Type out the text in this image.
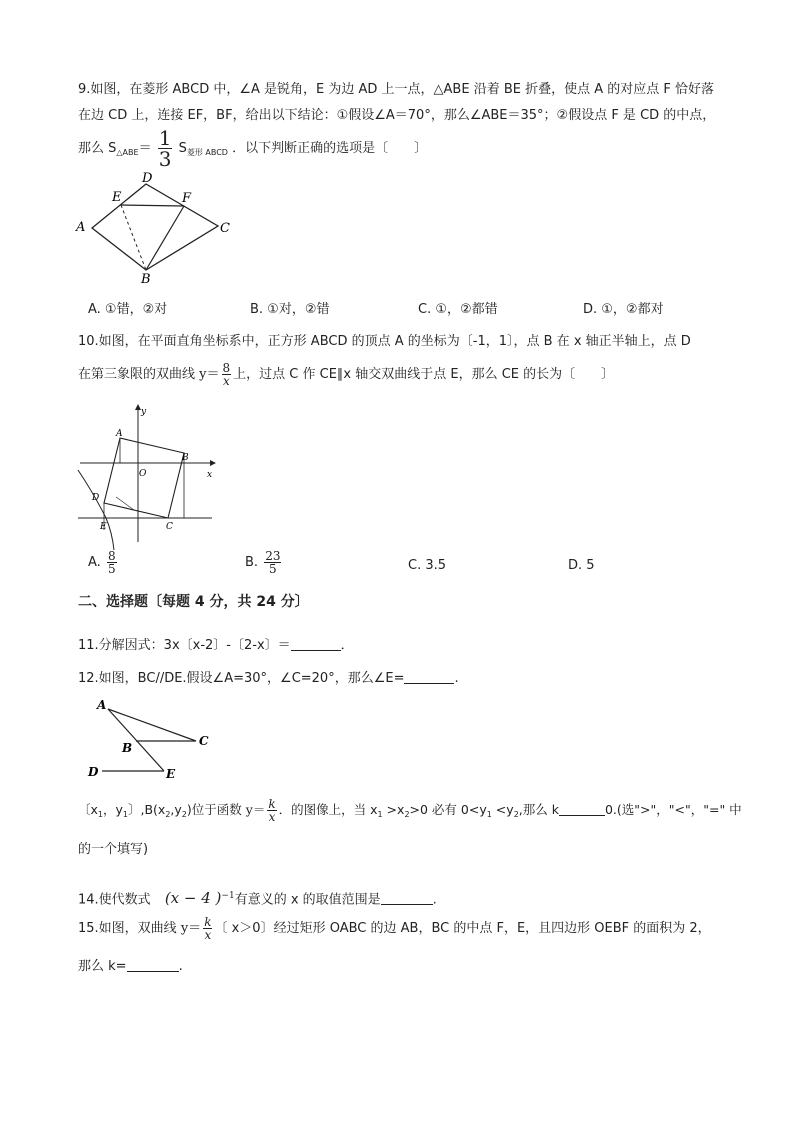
9.如图，在菱形 ABCD 中，∠A 是锐角，E 为边 AD 上一点，△ABE 沿着 BE 折叠，使点 A 的对应点 F 恰好落
在边 CD 上，连接 EF，BF，给出以下结论：①假设∠A＝70°，那么∠ABE＝35°；②假设点 F 是 CD 的中点，
那么 $S_{\triangle ABE}= \frac{1}{3} S_{菱形 ABCD}$ ．以下判断正确的选项是〔　　〕
A
D
E	F
C
B
A. ①错，②对	B. ①对，②错	C. ①，②都错	D. ①，②都对
10.如图，在平面直角坐标系中，正方形 ABCD 的顶点 A 的坐标为〔-1，1〕，点 B 在 x 轴正半轴上，点 D
在第三象限的双曲线 $y= \frac{8}{x}$ 上，过点 C 作 CE∥x 轴交双曲线于点 E，那么 CE 的长为〔　　〕
A
y
x
O
B
D
E	C
A. $\frac{8}{5}$	B. $\frac{23}{5}$	C. 3.5	D. 5
二、选择题〔每题 4 分，共 24 分〕
11.分解因式：3x〔x-2〕-〔2-x〕＝	．
12.如图，BC//DE.假设∠A=30°，∠C=20°，那么∠E=	.
A
B	C
D	E
〔$x_1$，$y_1$〕$,B(x_2,y_2)$位于函数 $y= \frac{k}{x}$ ．的图像上，当 $x_1 >x_2>0$ 必有 $0<y_1 <y_2$,那么 k	0.(选">"，"<"，"=" 中
的一个填写)
14.使代数式 (x − 4 )$^{-1}$有意义的 x 的取值范围是	.
15.如图，双曲线 $y= \frac{k}{x}$ 〔 x＞0〕经过矩形 OABC 的边 AB，BC 的中点 F，E，且四边形 OEBF 的面积为 2，
那么 k=	.
